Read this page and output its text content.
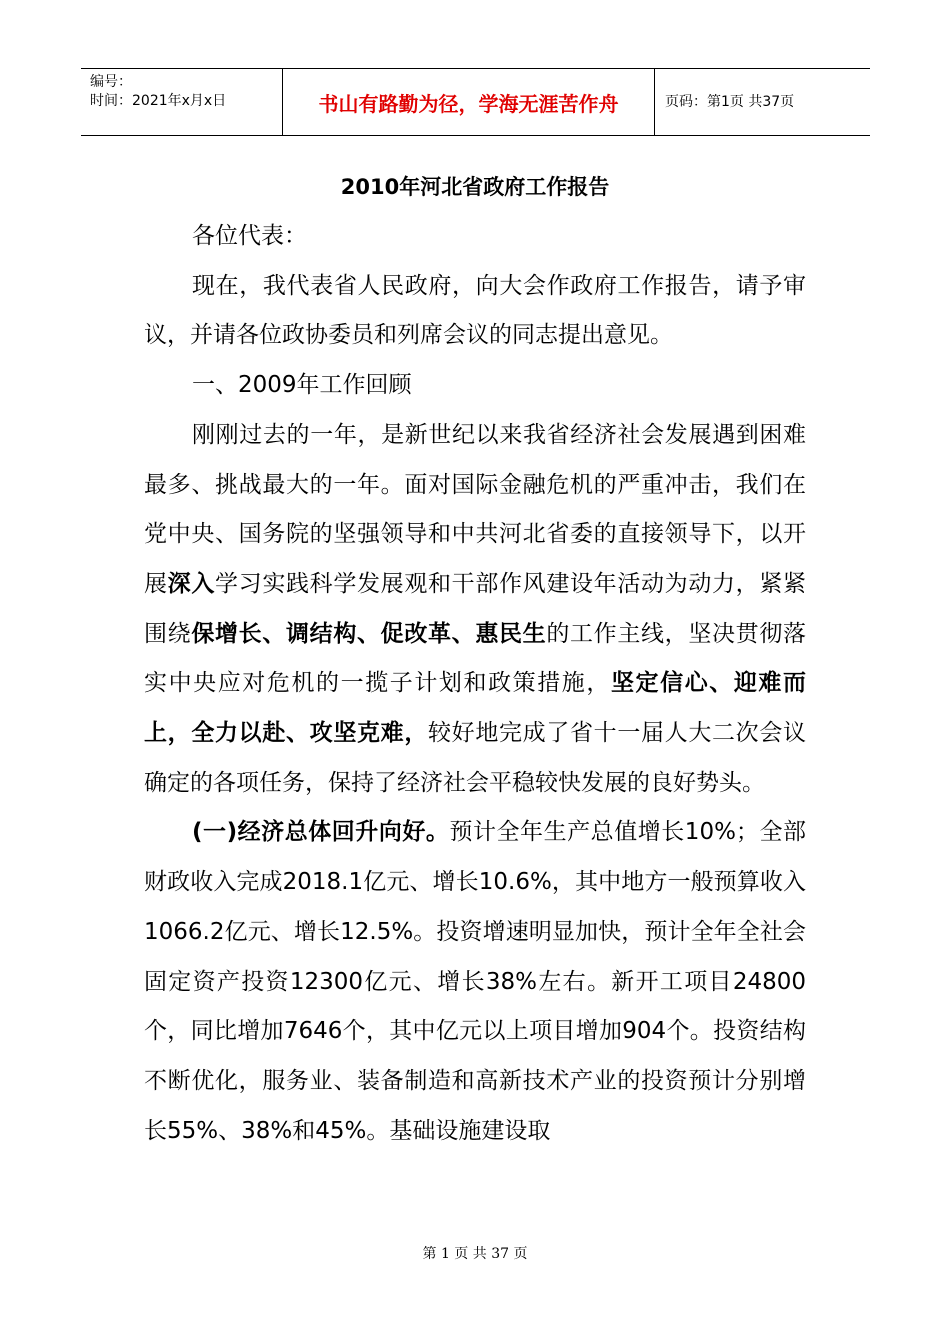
编号：
时间：2021年x月x日	书山有路勤为径，学海无涯苦作舟	页码：第1页 共37页
2010年河北省政府工作报告

各位代表：

现在，我代表省人民政府，向大会作政府工作报告，请予审议，并请各位政协委员和列席会议的同志提出意见。

一、2009年工作回顾

刚刚过去的一年，是新世纪以来我省经济社会发展遇到困难最多、挑战最大的一年。面对国际金融危机的严重冲击，我们在党中央、国务院的坚强领导和中共河北省委的直接领导下，以开展深入学习实践科学发展观和干部作风建设年活动为动力，紧紧围绕保增长、调结构、促改革、惠民生的工作主线，坚决贯彻落实中央应对危机的一揽子计划和政策措施，坚定信心、迎难而上，全力以赴、攻坚克难，较好地完成了省十一届人大二次会议确定的各项任务，保持了经济社会平稳较快发展的良好势头。

(一)经济总体回升向好。预计全年生产总值增长10%；全部财政收入完成2018.1亿元、增长10.6%，其中地方一般预算收入1066.2亿元、增长12.5%。投资增速明显加快，预计全年全社会固定资产投资12300亿元、增长38%左右。新开工项目24800个，同比增加7646个，其中亿元以上项目增加904个。投资结构不断优化，服务业、装备制造和高新技术产业的投资预计分别增长55%、38%和45%。基础设施建设取

第 1 页 共 37 页
